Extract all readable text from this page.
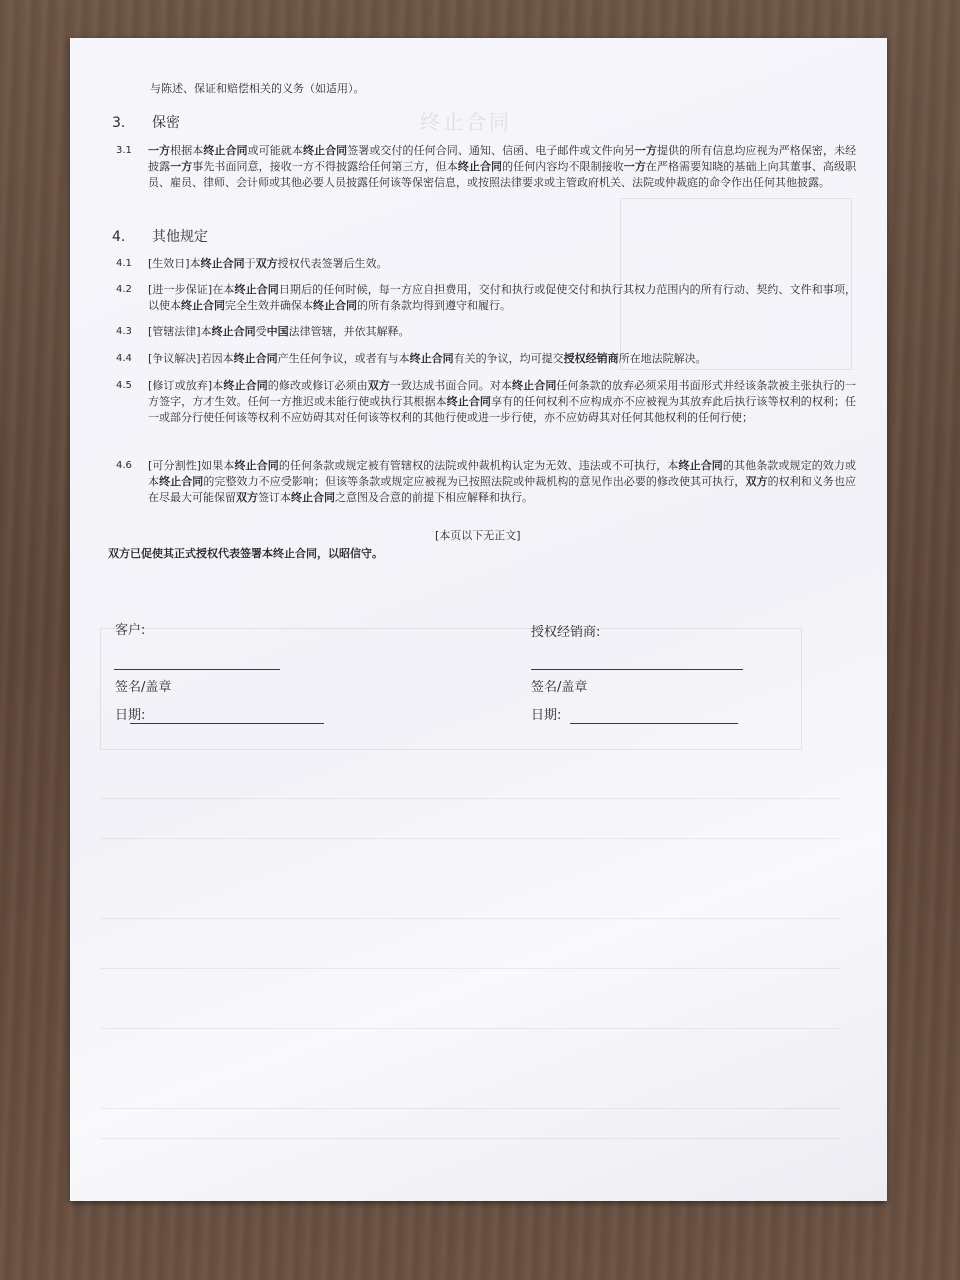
终止合同
与陈述、保证和赔偿相关的义务（如适用）。
3. 保密
3.1 一方根据本终止合同或可能就本终止合同签署或交付的任何合同、通知、信函、电子邮件或文件向另一方提供的所有信息均应视为严格保密，未经披露一方事先书面同意，接收一方不得披露给任何第三方，但本终止合同的任何内容均不限制接收一方在严格需要知晓的基础上向其董事、高级职员、雇员、律师、会计师或其他必要人员披露任何该等保密信息，或按照法律要求或主管政府机关、法院或仲裁庭的命令作出任何其他披露。
4. 其他规定
4.1 [生效日]本终止合同于双方授权代表签署后生效。
4.2 [进一步保证]在本终止合同日期后的任何时候，每一方应自担费用，交付和执行或促使交付和执行其权力范围内的所有行动、契约、文件和事项，以使本终止合同完全生效并确保本终止合同的所有条款均得到遵守和履行。
4.3 [管辖法律]本终止合同受中国法律管辖，并依其解释。
4.4 [争议解决]若因本终止合同产生任何争议，或者有与本终止合同有关的争议，均可提交授权经销商所在地法院解决。
4.5 [修订或放弃]本终止合同的修改或修订必须由双方一致达成书面合同。对本终止合同任何条款的放弃必须采用书面形式并经该条款被主张执行的一方签字，方才生效。任何一方推迟或未能行使或执行其根据本终止合同享有的任何权利不应构成亦不应被视为其放弃此后执行该等权利的权利；任一或部分行使任何该等权利不应妨碍其对任何该等权利的其他行使或进一步行使，亦不应妨碍其对任何其他权利的任何行使；
4.6 [可分割性]如果本终止合同的任何条款或规定被有管辖权的法院或仲裁机构认定为无效、违法或不可执行，本终止合同的其他条款或规定的效力或本终止合同的完整效力不应受影响；但该等条款或规定应被视为已按照法院或仲裁机构的意见作出必要的修改使其可执行，双方的权利和义务也应在尽最大可能保留双方签订本终止合同之意图及合意的前提下相应解释和执行。
[本页以下无正文]
双方已促使其正式授权代表签署本终止合同，以昭信守。
客户:	授权经销商:
签名/盖章	签名/盖章
日期:	日期:
